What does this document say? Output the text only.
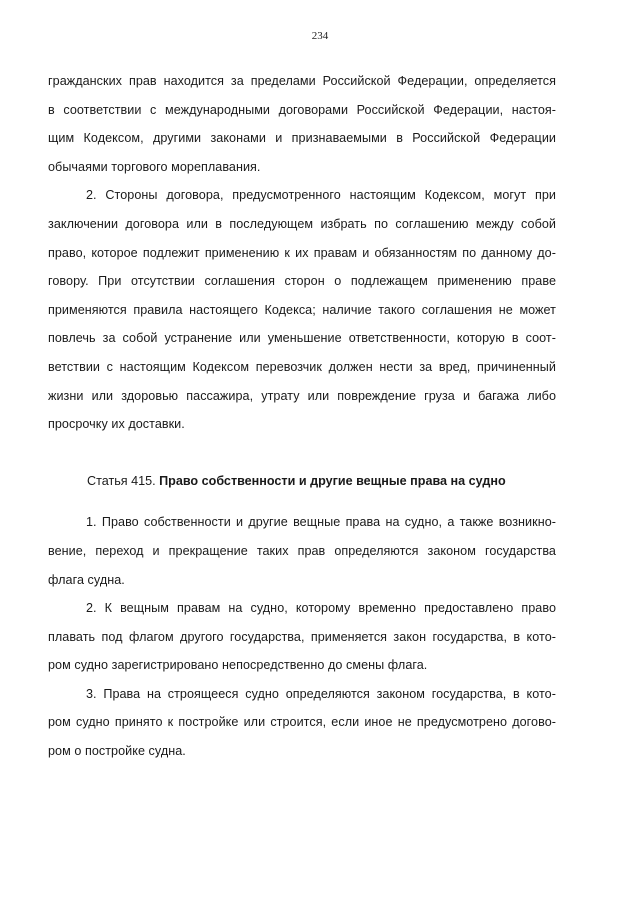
234

гражданских прав находится за пределами Российской Федерации, определяется
в соответствии с международными договорами Российской Федерации, настоя-
щим Кодексом, другими законами и признаваемыми в Российской Федерации
обычаями торгового мореплавания.

2. Стороны договора, предусмотренного настоящим Кодексом, могут при
заключении договора или в последующем избрать по соглашению между собой
право, которое подлежит применению к их правам и обязанностям по данному до-
говору. При отсутствии соглашения сторон о подлежащем применению праве
применяются правила настоящего Кодекса; наличие такого соглашения не может
повлечь за собой устранение или уменьшение ответственности, которую в соот-
ветствии с настоящим Кодексом перевозчик должен нести за вред, причиненный
жизни или здоровью пассажира, утрату или повреждение груза и багажа либо
просрочку их доставки.

Статья 415. Право собственности и другие вещные права на судно

1. Право собственности и другие вещные права на судно, а также возникно-
вение, переход и прекращение таких прав определяются законом государства
флага судна.

2. К вещным правам на судно, которому временно предоставлено право
плавать под флагом другого государства, применяется закон государства, в кото-
ром судно зарегистрировано непосредственно до смены флага.

3. Права на строящееся судно определяются законом государства, в кото-
ром судно принято к постройке или строится, если иное не предусмотрено догово-
ром о постройке судна.
